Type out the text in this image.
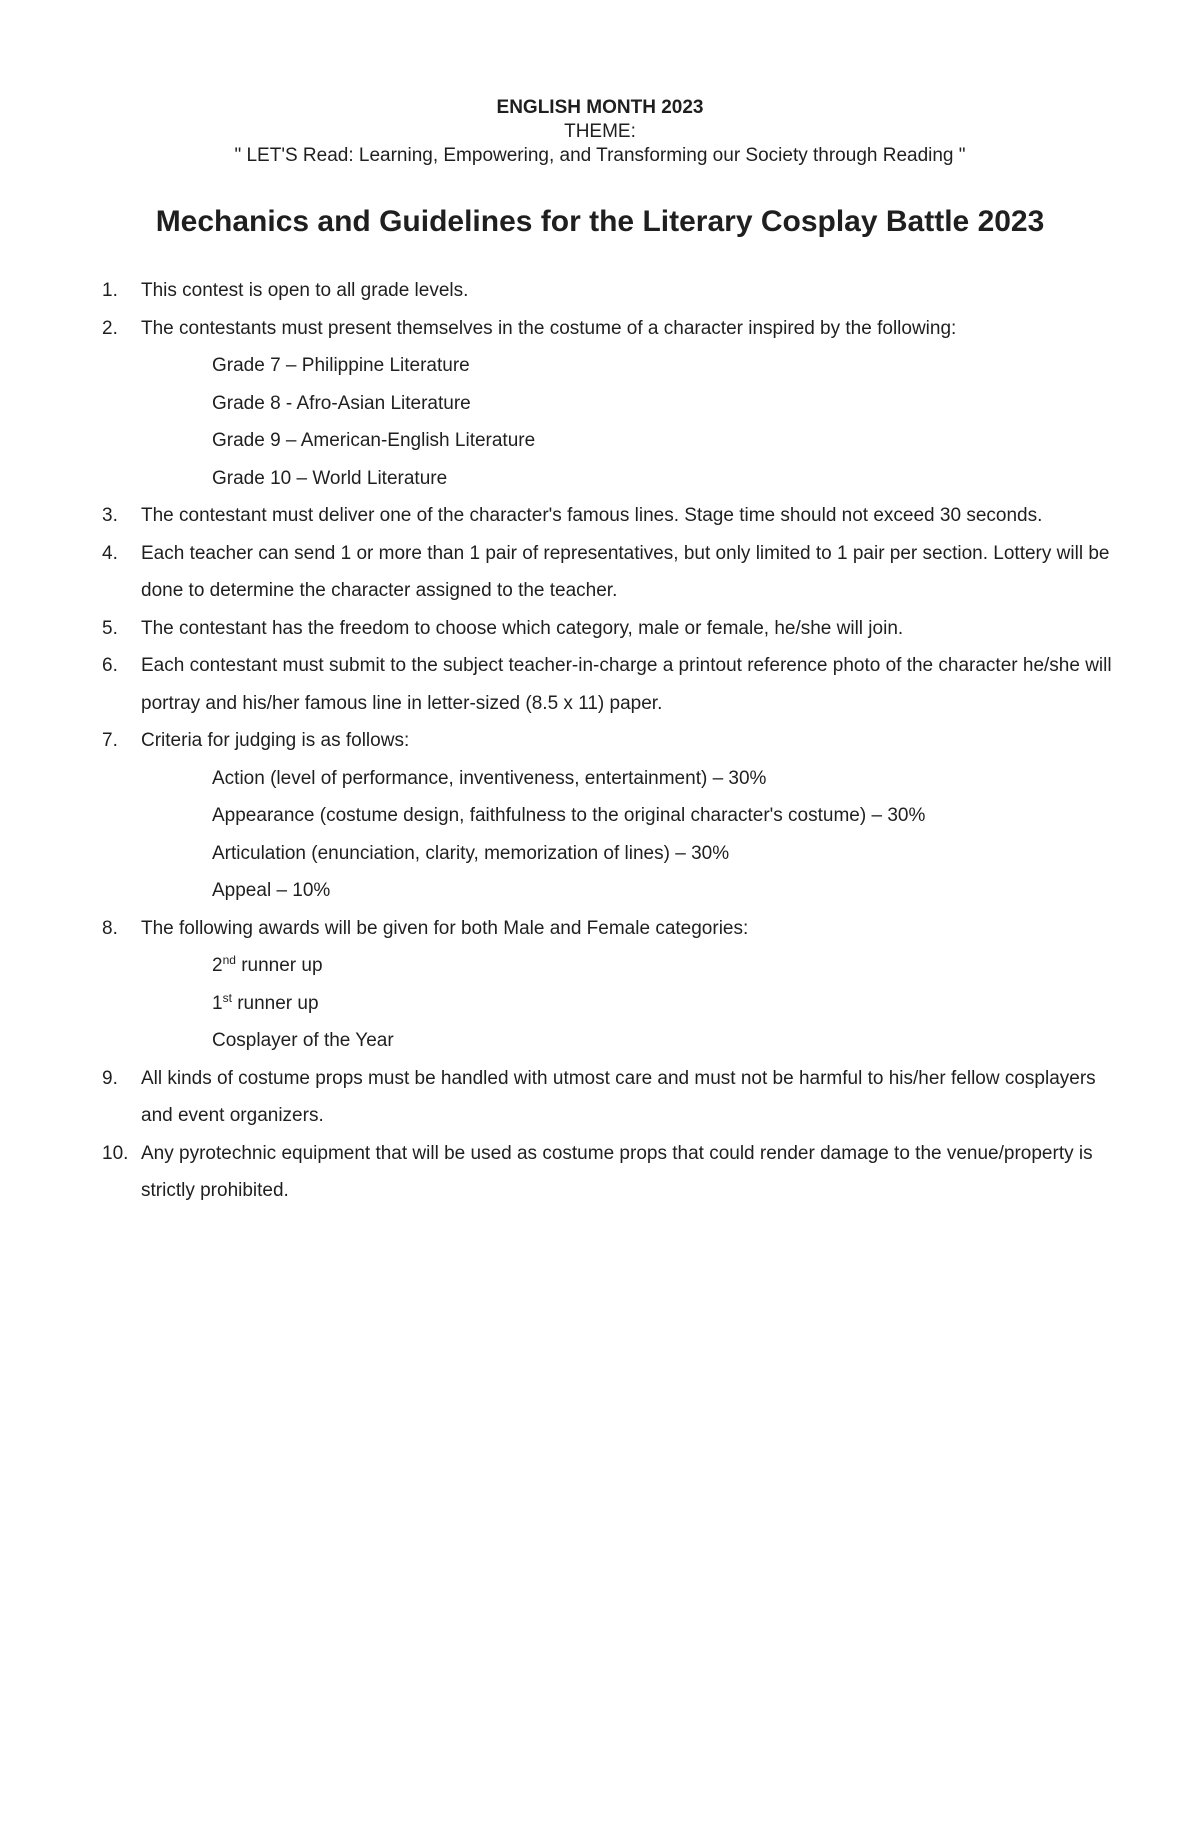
ENGLISH MONTH 2023

THEME:

" LET'S Read: Learning, Empowering, and Transforming our Society through Reading "

Mechanics and Guidelines for the Literary Cosplay Battle 2023
1.	This contest is open to all grade levels.
2.	The contestants must present themselves in the costume of a character inspired by the following:
Grade 7 – Philippine Literature
Grade 8 - Afro-Asian Literature
Grade 9 – American-English Literature
Grade 10 – World Literature
3.	The contestant must deliver one of the character's famous lines. Stage time should not exceed 30 seconds.
4.	Each teacher can send 1 or more than 1 pair of representatives, but only limited to 1 pair per section. Lottery will be done to determine the character assigned to the teacher.
5.	The contestant has the freedom to choose which category, male or female, he/she will join.
6.	Each contestant must submit to the subject teacher-in-charge a printout reference photo of the character he/she will portray and his/her famous line in letter-sized (8.5 x 11) paper.
7.	Criteria for judging is as follows:
Action (level of performance, inventiveness, entertainment) – 30%
Appearance (costume design, faithfulness to the original character's costume) – 30%
Articulation (enunciation, clarity, memorization of lines) – 30%
Appeal – 10%
8.	The following awards will be given for both Male and Female categories:
2nd runner up
1st runner up
Cosplayer of the Year
9.	All kinds of costume props must be handled with utmost care and must not be harmful to his/her fellow cosplayers and event organizers.
10. Any pyrotechnic equipment that will be used as costume props that could render damage to the venue/property is strictly prohibited.
